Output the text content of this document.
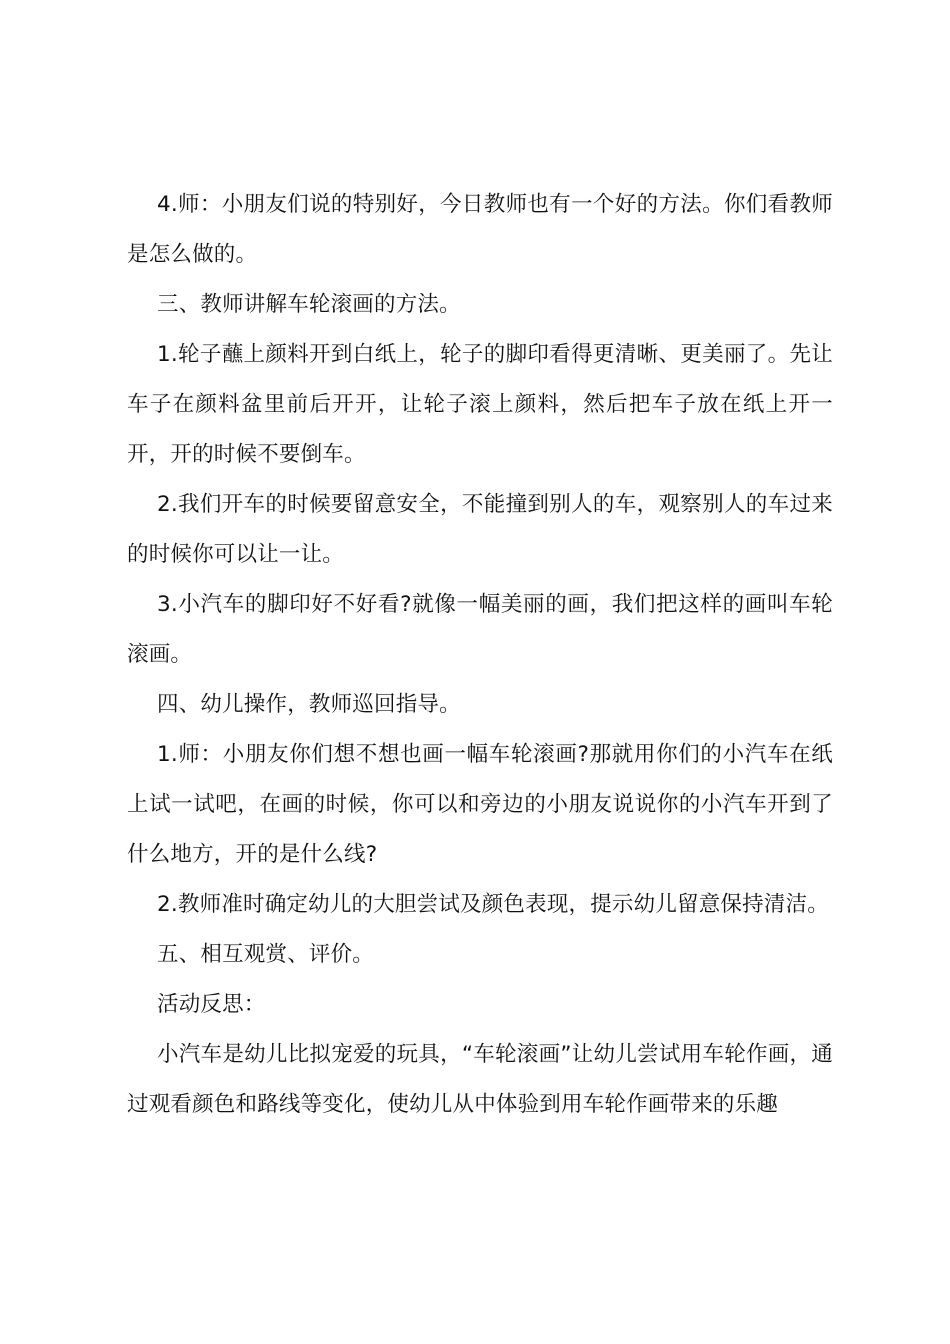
4.师：小朋友们说的特别好，今日教师也有一个好的方法。你们看教师是怎么做的。

三、教师讲解车轮滚画的方法。

1.轮子蘸上颜料开到白纸上，轮子的脚印看得更清晰、更美丽了。先让车子在颜料盆里前后开开，让轮子滚上颜料，然后把车子放在纸上开一开，开的时候不要倒车。

2.我们开车的时候要留意安全，不能撞到别人的车，观察别人的车过来的时候你可以让一让。

3.小汽车的脚印好不好看?就像一幅美丽的画，我们把这样的画叫车轮滚画。

四、幼儿操作，教师巡回指导。

1.师：小朋友你们想不想也画一幅车轮滚画?那就用你们的小汽车在纸上试一试吧，在画的时候，你可以和旁边的小朋友说说你的小汽车开到了什么地方，开的是什么线?

2.教师准时确定幼儿的大胆尝试及颜色表现，提示幼儿留意保持清洁。

五、相互观赏、评价。

活动反思：

小汽车是幼儿比拟宠爱的玩具，“车轮滚画”让幼儿尝试用车轮作画，通过观看颜色和路线等变化，使幼儿从中体验到用车轮作画带来的乐趣
